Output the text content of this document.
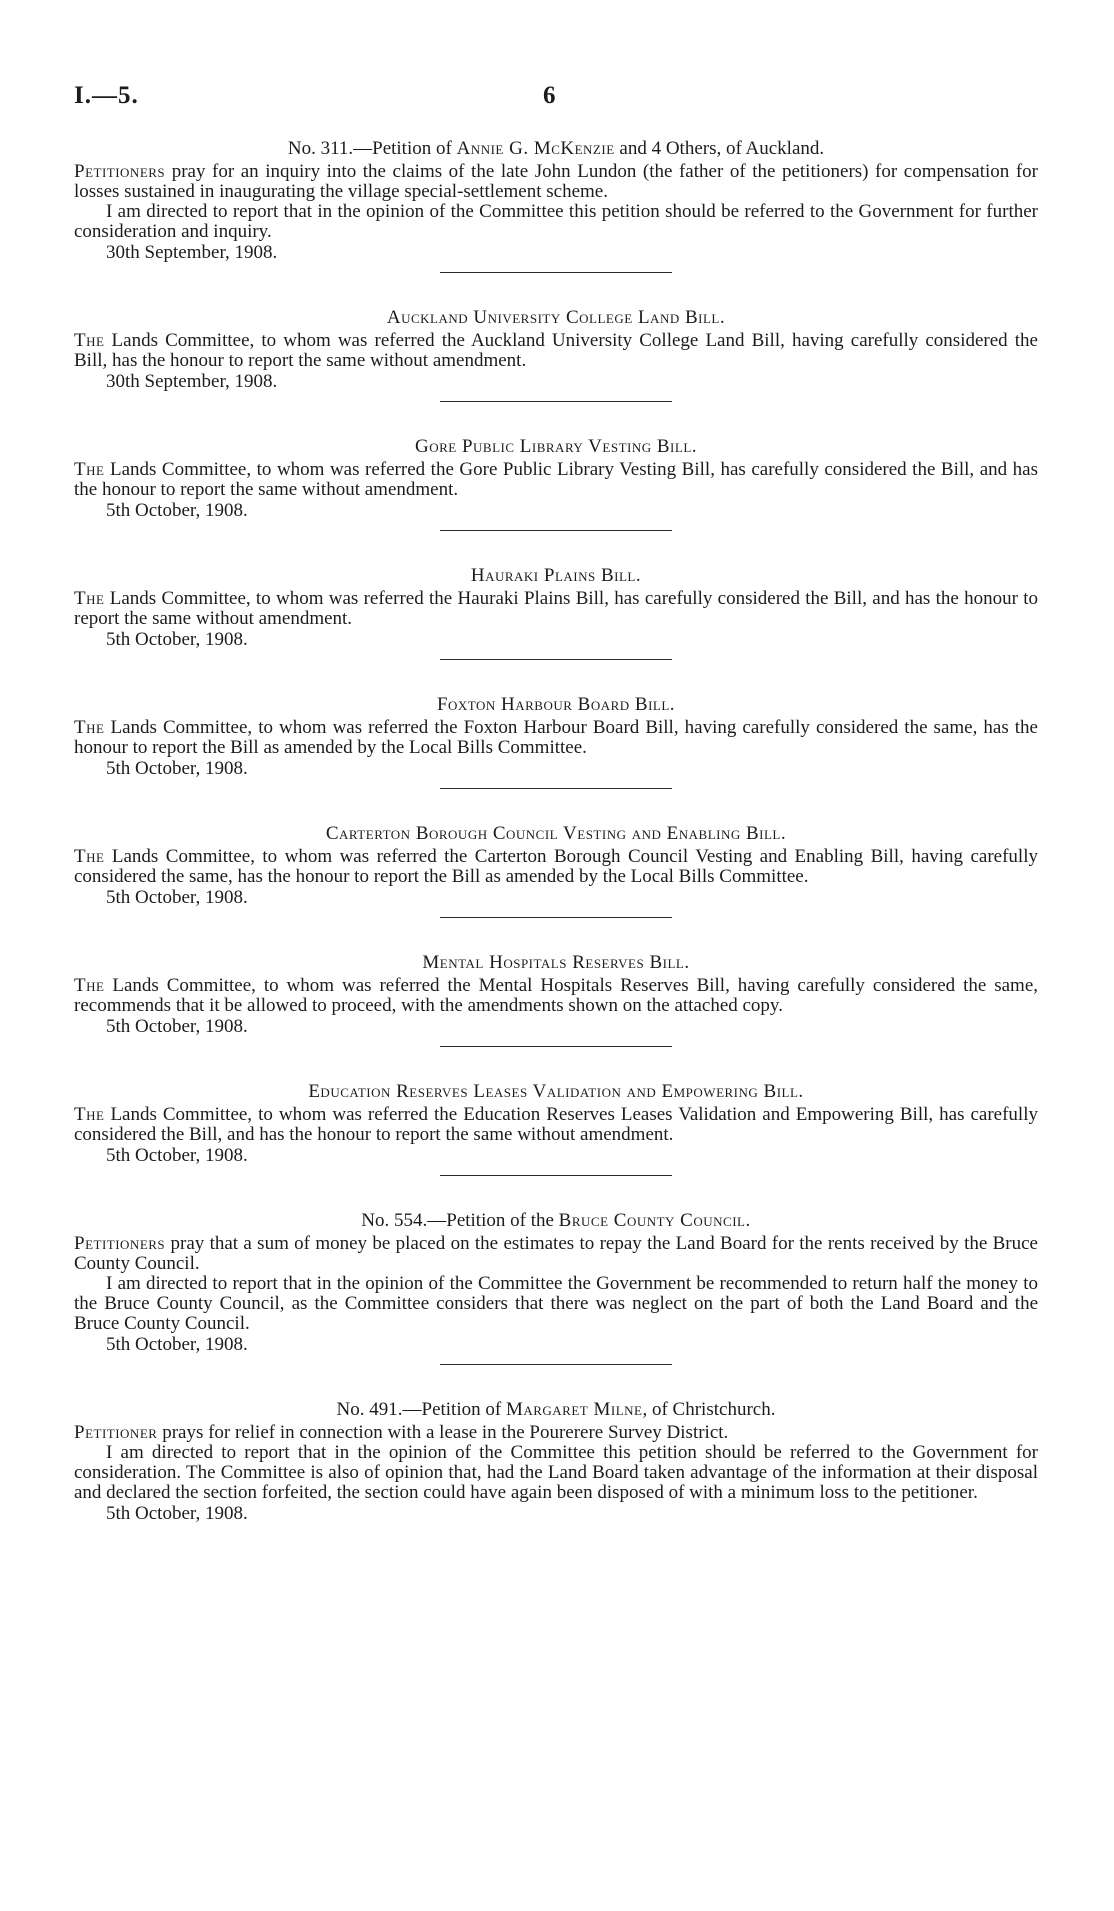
I.—5.	6
No. 311.—Petition of Annie G. McKenzie and 4 Others, of Auckland.

Petitioners pray for an inquiry into the claims of the late John Lundon (the father of the petitioners) for compensation for losses sustained in inaugurating the village special-settlement scheme.

I am directed to report that in the opinion of the Committee this petition should be referred to the Government for further consideration and inquiry.

30th September, 1908.
Auckland University College Land Bill.

The Lands Committee, to whom was referred the Auckland University College Land Bill, having carefully considered the Bill, has the honour to report the same without amendment.

30th September, 1908.
Gore Public Library Vesting Bill.

The Lands Committee, to whom was referred the Gore Public Library Vesting Bill, has carefully considered the Bill, and has the honour to report the same without amendment.

5th October, 1908.
Hauraki Plains Bill.

The Lands Committee, to whom was referred the Hauraki Plains Bill, has carefully considered the Bill, and has the honour to report the same without amendment.

5th October, 1908.
Foxton Harbour Board Bill.

The Lands Committee, to whom was referred the Foxton Harbour Board Bill, having carefully considered the same, has the honour to report the Bill as amended by the Local Bills Committee.

5th October, 1908.
Carterton Borough Council Vesting and Enabling Bill.

The Lands Committee, to whom was referred the Carterton Borough Council Vesting and Enabling Bill, having carefully considered the same, has the honour to report the Bill as amended by the Local Bills Committee.

5th October, 1908.
Mental Hospitals Reserves Bill.

The Lands Committee, to whom was referred the Mental Hospitals Reserves Bill, having carefully considered the same, recommends that it be allowed to proceed, with the amendments shown on the attached copy.

5th October, 1908.
Education Reserves Leases Validation and Empowering Bill.

The Lands Committee, to whom was referred the Education Reserves Leases Validation and Empowering Bill, has carefully considered the Bill, and has the honour to report the same without amendment.

5th October, 1908.
No. 554.—Petition of the Bruce County Council.

Petitioners pray that a sum of money be placed on the estimates to repay the Land Board for the rents received by the Bruce County Council.

I am directed to report that in the opinion of the Committee the Government be recommended to return half the money to the Bruce County Council, as the Committee considers that there was neglect on the part of both the Land Board and the Bruce County Council.

5th October, 1908.
No. 491.—Petition of Margaret Milne, of Christchurch.

Petitioner prays for relief in connection with a lease in the Pourerere Survey District.

I am directed to report that in the opinion of the Committee this petition should be referred to the Government for consideration. The Committee is also of opinion that, had the Land Board taken advantage of the information at their disposal and declared the section forfeited, the section could have again been disposed of with a minimum loss to the petitioner.

5th October, 1908.
